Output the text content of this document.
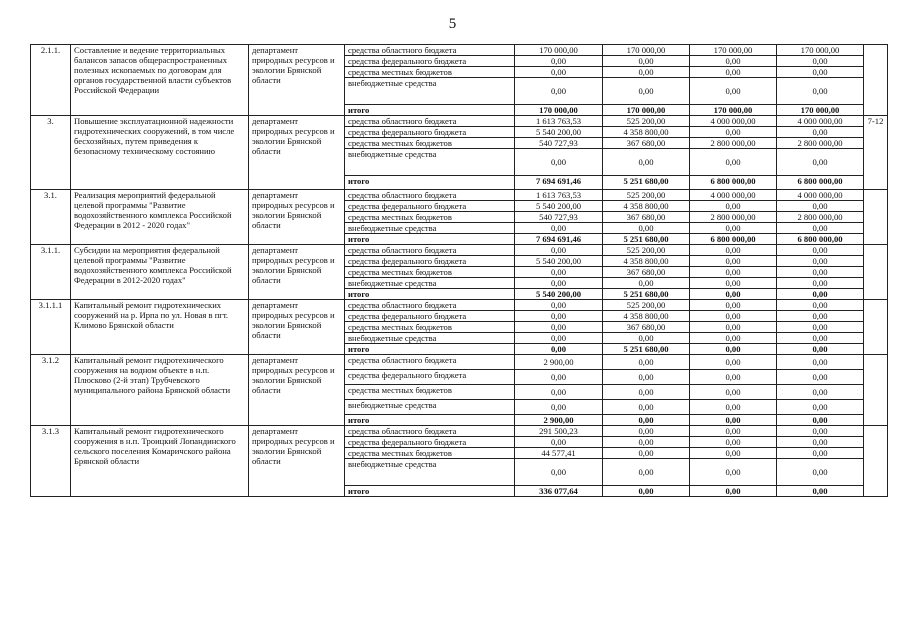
5
2.1.1.	Составление и ведение территориальных балансов запасов общераспространенных полезных ископаемых по договорам для органов государственной власти субъектов Российской Федерации	департамент природных ресурсов и экологии Брянской области	средства областного бюджета	170 000,00	170 000,00	170 000,00	170 000,00	
			средства федерального бюджета	0,00	0,00	0,00	0,00	
			средства местных бюджетов	0,00	0,00	0,00	0,00	
			внебюджетные средства	0,00	0,00	0,00	0,00	
			итого	170 000,00	170 000,00	170 000,00	170 000,00	
3.	Повышение эксплуатационной надежности гидротехнических сооружений, в том числе бесхозяйных, путем приведения к безопасному техническому состоянию	департамент природных ресурсов и экологии Брянской области	средства областного бюджета	1 613 763,53	525 200,00	4 000 000,00	4 000 000,00	7-12
			средства федерального бюджета	5 540 200,00	4 358 800,00	0,00	0,00	
			средства местных бюджетов	540 727,93	367 680,00	2 800 000,00	2 800 000,00	
			внебюджетные средства	0,00	0,00	0,00	0,00	
			итого	7 694 691,46	5 251 680,00	6 800 000,00	6 800 000,00	
3.1.	Реализация мероприятий федеральной целевой программы "Развитие водохозяйственного комплекса Российской Федерации в 2012 - 2020 годах"	департамент природных ресурсов и экологии Брянской области	средства областного бюджета	1 613 763,53	525 200,00	4 000 000,00	4 000 000,00	
			средства федерального бюджета	5 540 200,00	4 358 800,00	0,00	0,00	
			средства местных бюджетов	540 727,93	367 680,00	2 800 000,00	2 800 000,00	
			внебюджетные средства	0,00	0,00	0,00	0,00	
			итого	7 694 691,46	5 251 680,00	6 800 000,00	6 800 000,00	
3.1.1.	Субсидии на мероприятия федеральной целевой программы "Развитие водохозяйственного комплекса Российской Федерации в 2012-2020 годах"	департамент природных ресурсов и экологии Брянской области	средства областного бюджета	0,00	525 200,00	0,00	0,00	
			средства федерального бюджета	5 540 200,00	4 358 800,00	0,00	0,00	
			средства местных бюджетов	0,00	367 680,00	0,00	0,00	
			внебюджетные средства	0,00	0,00	0,00	0,00	
			итого	5 540 200,00	5 251 680,00	0,00	0,00	
3.1.1.1	Капитальный ремонт гидротехнических сооружений на р. Ирпа по ул. Новая в пгт. Климово Брянской области	департамент природных ресурсов и экологии Брянской области	средства областного бюджета	0,00	525 200,00	0,00	0,00	
			средства федерального бюджета	0,00	4 358 800,00	0,00	0,00	
			средства местных бюджетов	0,00	367 680,00	0,00	0,00	
			внебюджетные средства	0,00	0,00	0,00	0,00	
			итого	0,00	5 251 680,00	0,00	0,00	
3.1.2	Капитальный ремонт гидротехнического сооружения на водном объекте в н.п. Плюсково (2-й этап) Трубчевского муниципального района Брянской области	департамент природных ресурсов и экологии Брянской области	средства областного бюджета	2 900,00	0,00	0,00	0,00	
			средства федерального бюджета	0,00	0,00	0,00	0,00	
			средства местных бюджетов	0,00	0,00	0,00	0,00	
			внебюджетные средства	0,00	0,00	0,00	0,00	
			итого	2 900,00	0,00	0,00	0,00	
3.1.3	Капитальный ремонт гидротехнического сооружения в н.п. Троицкий Лопандинского сельского поселения Комаричского района Брянской области	департамент природных ресурсов и экологии Брянской области	средства областного бюджета	291 500,23	0,00	0,00	0,00	
			средства федерального бюджета	0,00	0,00	0,00	0,00	
			средства местных бюджетов	44 577,41	0,00	0,00	0,00	
			внебюджетные средства	0,00	0,00	0,00	0,00	
			итого	336 077,64	0,00	0,00	0,00	
